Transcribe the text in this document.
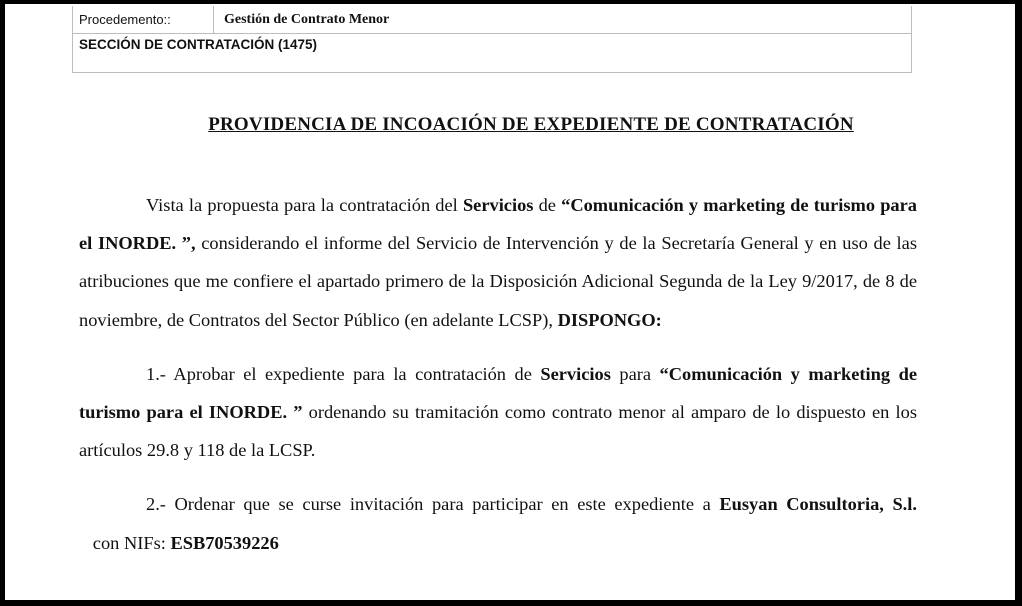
Procedemento::	Gestión de Contrato Menor
SECCIÓN DE CONTRATACIÓN (1475)
PROVIDENCIA DE INCOACIÓN DE EXPEDIENTE DE CONTRATACIÓN

Vista la propuesta para la contratación del Servicios de “Comunicación y marketing de turismo para el INORDE. ”, considerando el informe del Servicio de Intervención y de la Secretaría General y en uso de las atribuciones que me confiere el apartado primero de la Disposición Adicional Segunda de la Ley 9/2017, de 8 de noviembre, de Contratos del Sector Público (en adelante LCSP), DISPONGO:

1.- Aprobar el expediente para la contratación de Servicios para “Comunicación y marketing de turismo para el INORDE. ” ordenando su tramitación como contrato menor al amparo de lo dispuesto en los artículos 29.8 y 118 de la LCSP.

2.- Ordenar que se curse invitación para participar en este expediente a Eusyan Consultoria, S.l.   con NIFs: ESB70539226
